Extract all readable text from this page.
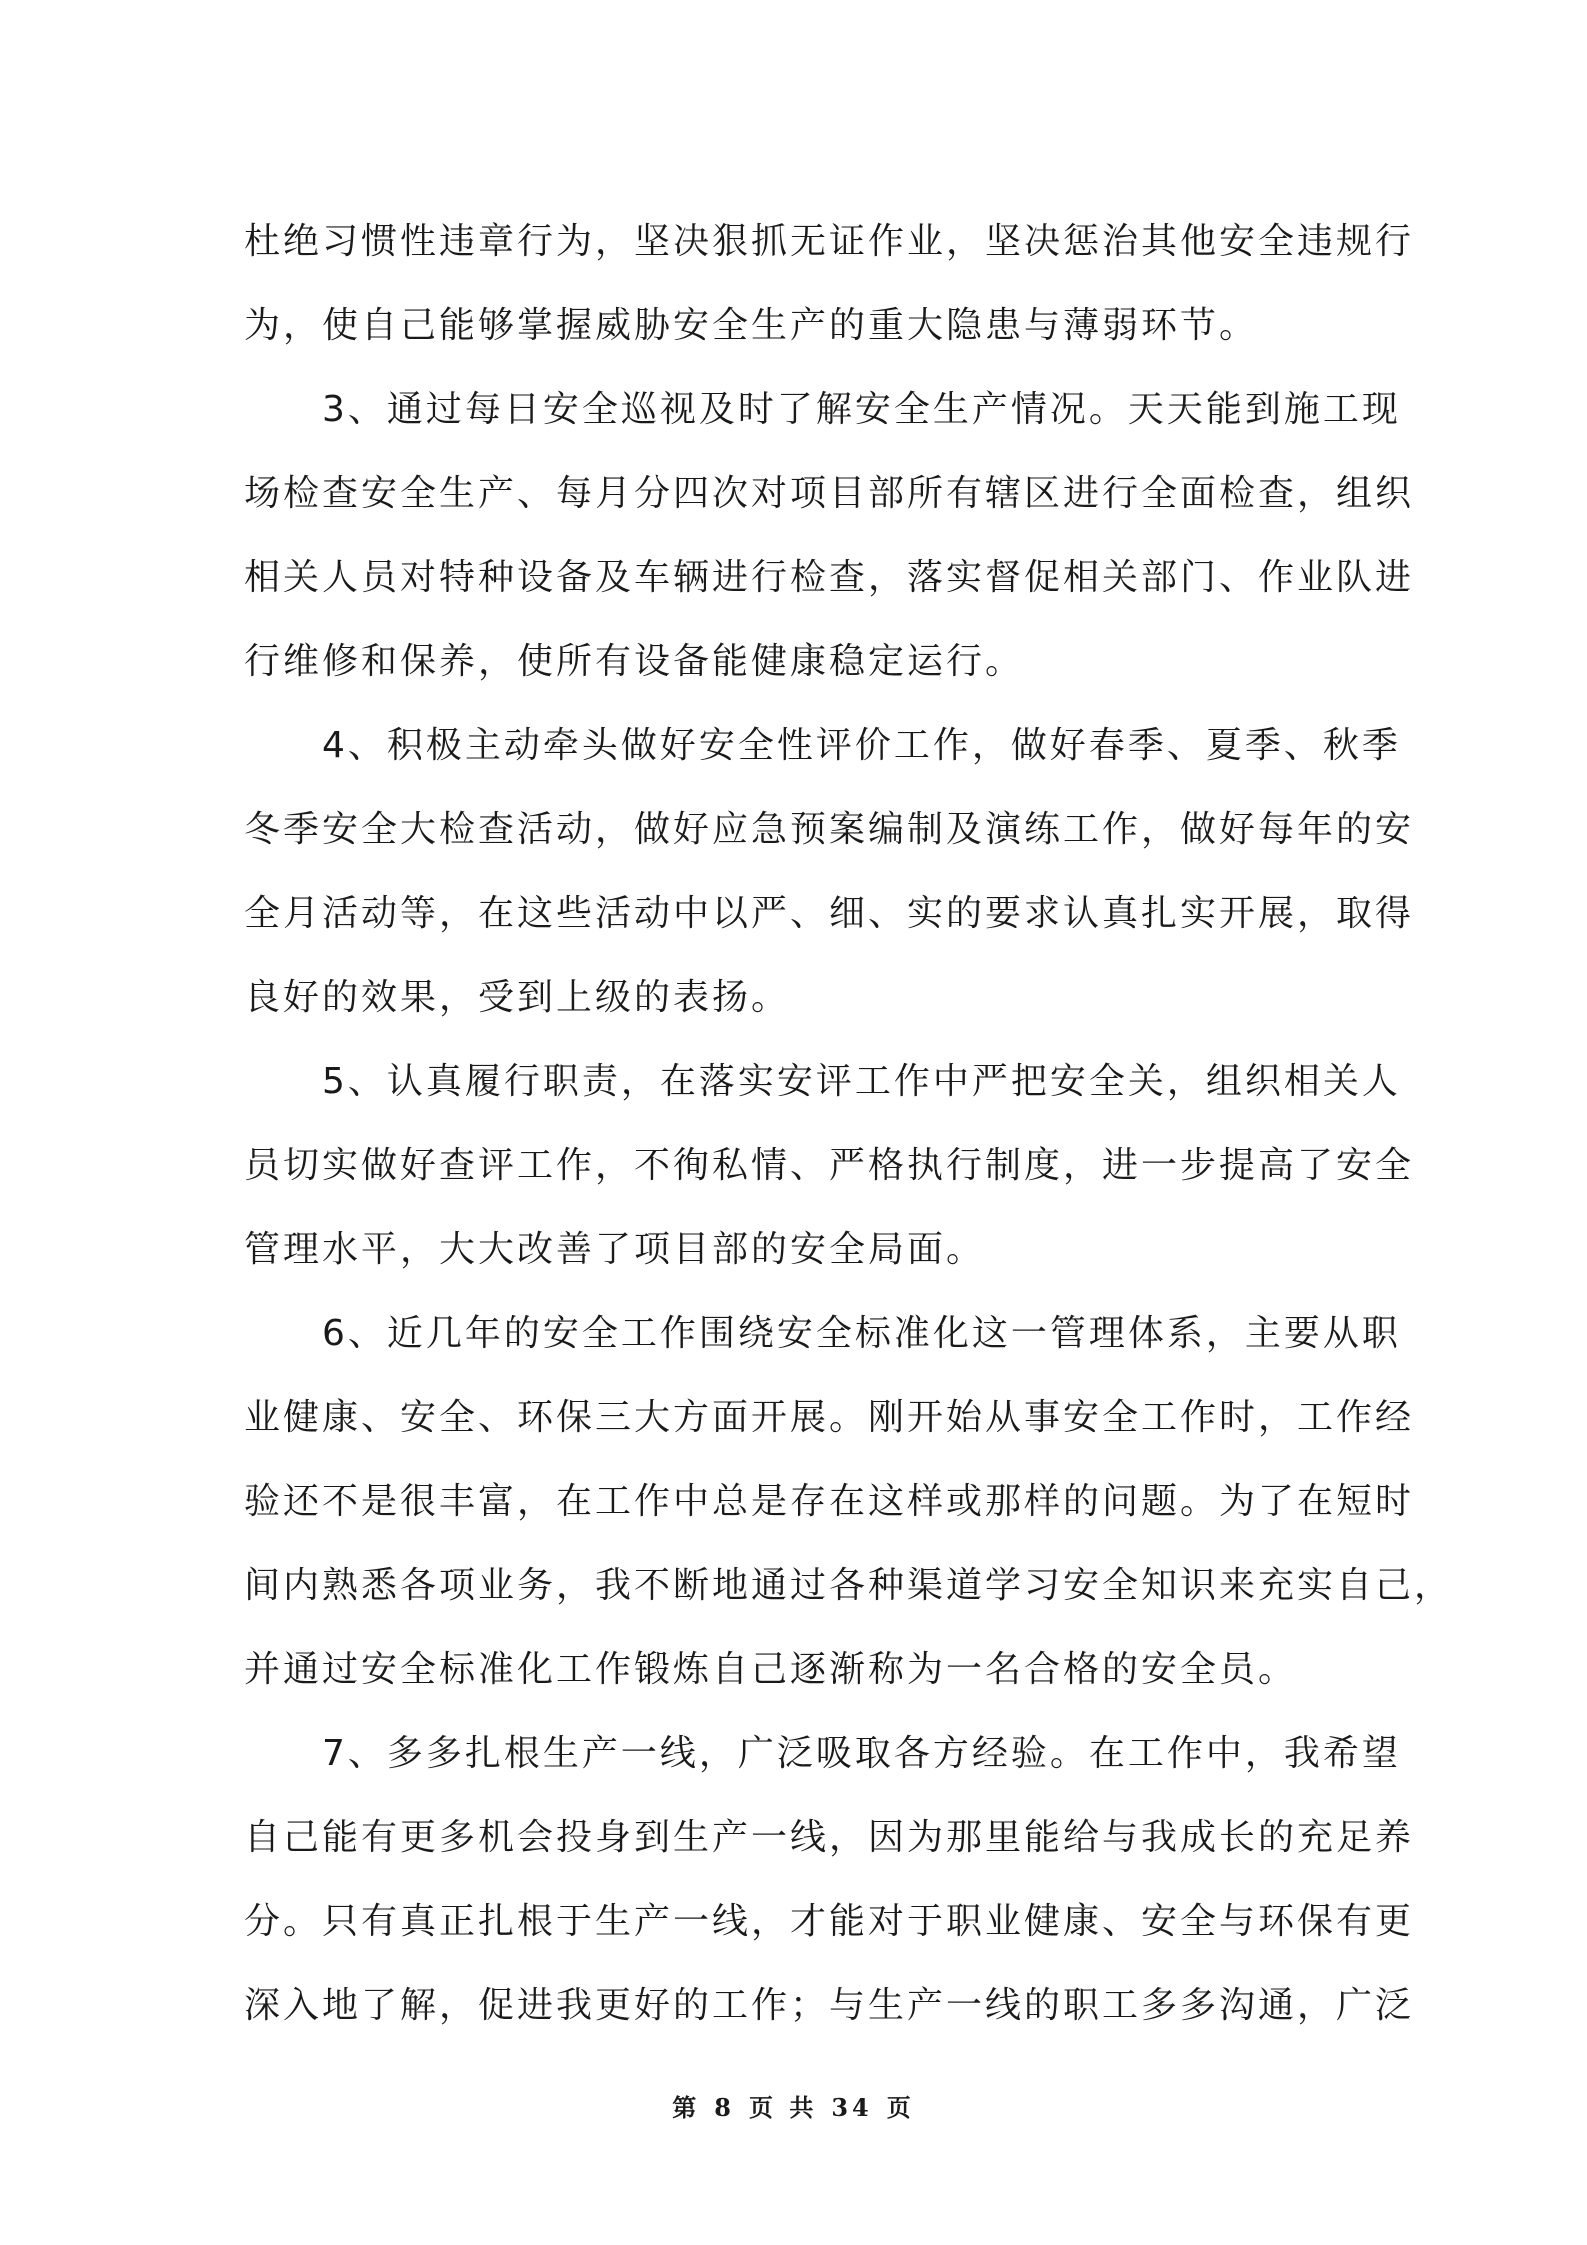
杜绝习惯性违章行为，坚决狠抓无证作业，坚决惩治其他安全违规行
为，使自己能够掌握威胁安全生产的重大隐患与薄弱环节。
　　3、通过每日安全巡视及时了解安全生产情况。天天能到施工现
场检查安全生产、每月分四次对项目部所有辖区进行全面检查，组织
相关人员对特种设备及车辆进行检查，落实督促相关部门、作业队进
行维修和保养，使所有设备能健康稳定运行。
　　4、积极主动牵头做好安全性评价工作，做好春季、夏季、秋季
冬季安全大检查活动，做好应急预案编制及演练工作，做好每年的安
全月活动等，在这些活动中以严、细、实的要求认真扎实开展，取得
良好的效果，受到上级的表扬。
　　5、认真履行职责，在落实安评工作中严把安全关，组织相关人
员切实做好查评工作，不徇私情、严格执行制度，进一步提高了安全
管理水平，大大改善了项目部的安全局面。
　　6、近几年的安全工作围绕安全标准化这一管理体系，主要从职
业健康、安全、环保三大方面开展。刚开始从事安全工作时，工作经
验还不是很丰富，在工作中总是存在这样或那样的问题。为了在短时
间内熟悉各项业务，我不断地通过各种渠道学习安全知识来充实自己，
并通过安全标准化工作锻炼自己逐渐称为一名合格的安全员。
　　7、多多扎根生产一线，广泛吸取各方经验。在工作中，我希望
自己能有更多机会投身到生产一线，因为那里能给与我成长的充足养
分。只有真正扎根于生产一线，才能对于职业健康、安全与环保有更
深入地了解，促进我更好的工作；与生产一线的职工多多沟通，广泛
第 8 页 共 34 页
